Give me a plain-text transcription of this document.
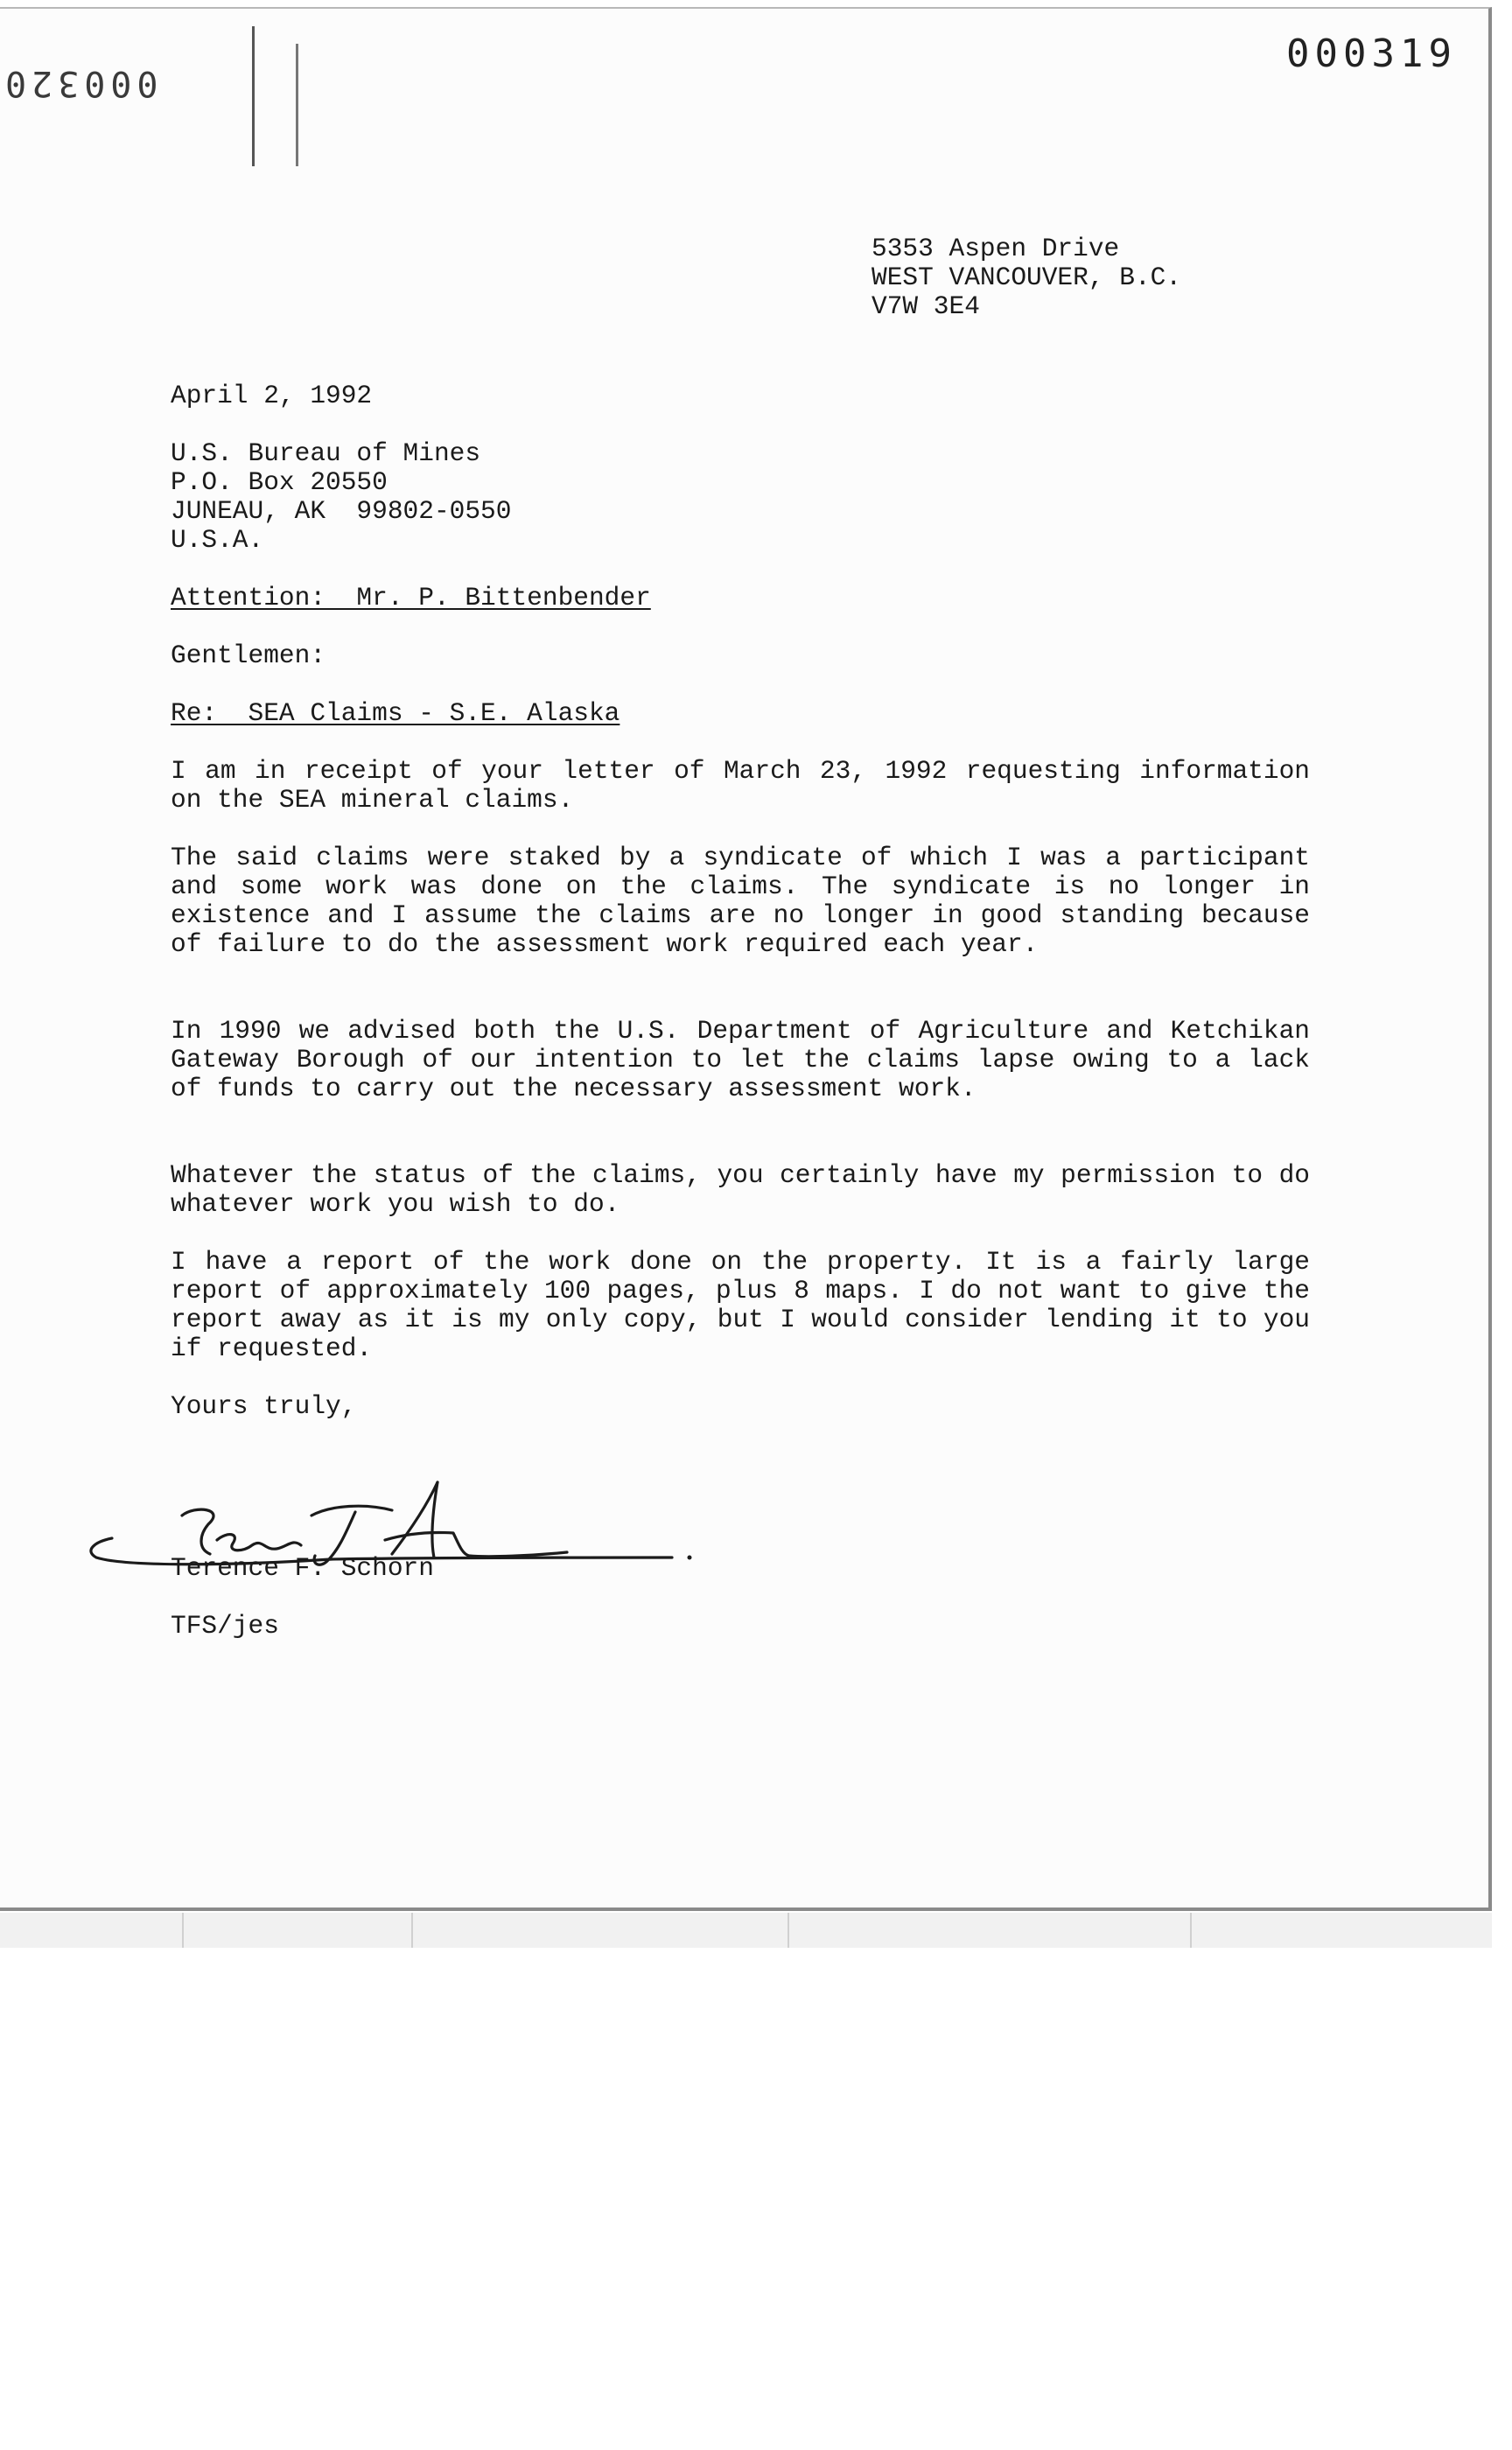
000319
000320

5353 Aspen Drive

WEST VANCOUVER, B.C.

V7W 3E4

April 2, 1992

U.S. Bureau of Mines

P.O. Box 20550

JUNEAU, AK  99802-0550

U.S.A.

Attention:  Mr. P. Bittenbender

Gentlemen:

Re:  SEA Claims - S.E. Alaska

I am in receipt of your letter of March 23, 1992 requesting information on the SEA mineral claims.

The said claims were staked by a syndicate of which I was a participant and some work was done on the claims. The syndicate is no longer in existence and I assume the claims are no longer in good standing because of failure to do the assessment work required each year.

In 1990 we advised both the U.S. Department of Agriculture and Ketchikan Gateway Borough of our intention to let the claims lapse owing to a lack of funds to carry out the necessary assessment work.

Whatever the status of the claims, you certainly have my permission to do whatever work you wish to do.

I have a report of the work done on the property. It is a fairly large report of approximately 100 pages, plus 8 maps. I do not want to give the report away as it is my only copy, but I would consider lending it to you if requested.

Yours truly,

Terence F. Schorn

TFS/jes
